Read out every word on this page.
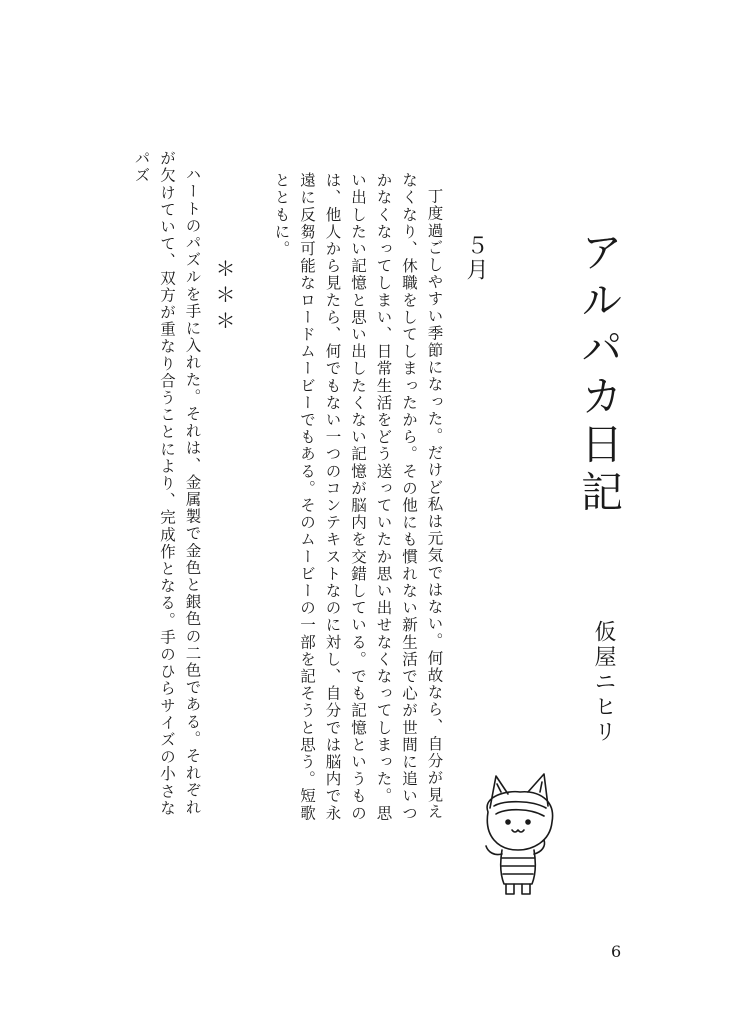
アルパカ日記
仮屋ニヒリ
５月

丁度過ごしやすい季節になった。だけど私は元気ではない。何故なら、自分が見えなくなり、休職をしてしまったから。その他にも慣れない新生活で心が世間に追いつかなくなってしまい、日常生活をどう送っていたか思い出せなくなってしまった。思い出したい記憶と思い出したくない記憶が脳内を交錯している。でも記憶というものは、他人から見たら、何でもない一つのコンテキストなのに対し、自分では脳内で永遠に反芻可能なロードムービーでもある。そのムービーの一部を記そうと思う。短歌とともに。

＊＊＊

ハートのパズルを手に入れた。それは、金属製で金色と銀色の二色である。それぞれが欠けていて、双方が重なり合うことにより、完成作となる。手のひらサイズの小さなパズ

6
